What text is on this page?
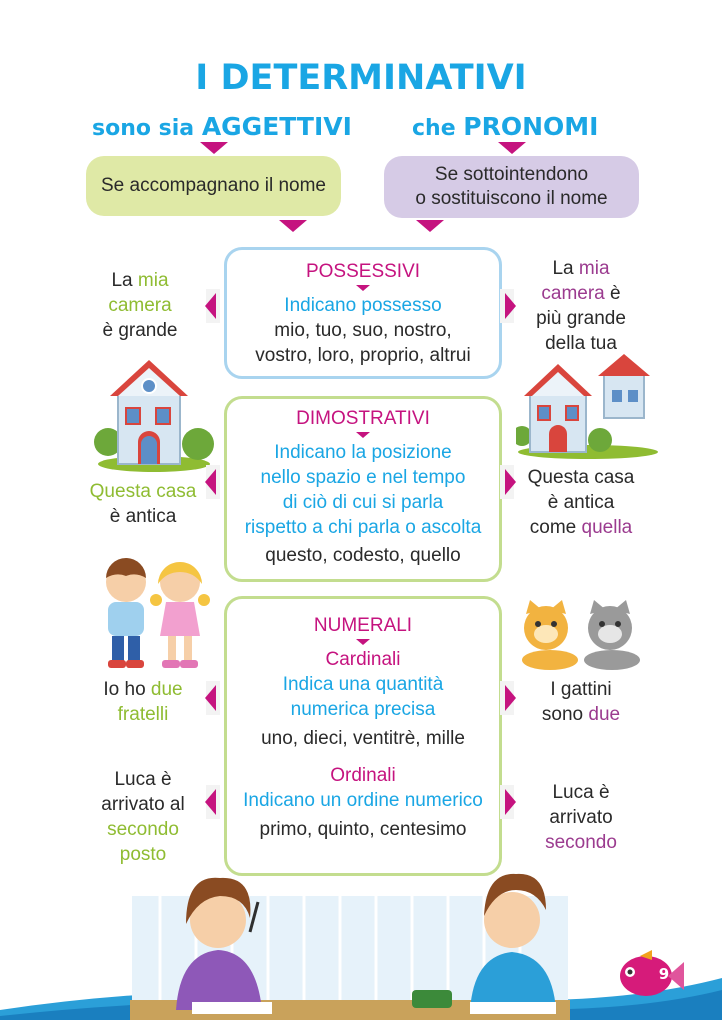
I DETERMINATIVI
sono sia AGGETTIVI	che PRONOMI
Se accompagnano il nome
Se sottointendono
o sostituiscono il nome
POSSESSIVI
Indicano possesso
mio, tuo, suo, nostro,
vostro, loro, proprio, altrui
La mia
camera
è grande
La mia
camera è
più grande
della tua
DIMOSTRATIVI
Indicano la posizione
nello spazio e nel tempo
di ciò di cui si parla
rispetto a chi parla o ascolta
questo, codesto, quello
Questa casa
è antica
Questa casa
è antica
come quella
NUMERALI
Cardinali
Indica una quantità
numerica precisa
uno, dieci, ventitrè, mille
Ordinali
Indicano un ordine numerico
primo, quinto, centesimo
Io ho due
fratelli
I gattini
sono due
Luca è
arrivato al
secondo
posto
Luca è
arrivato
secondo
9
